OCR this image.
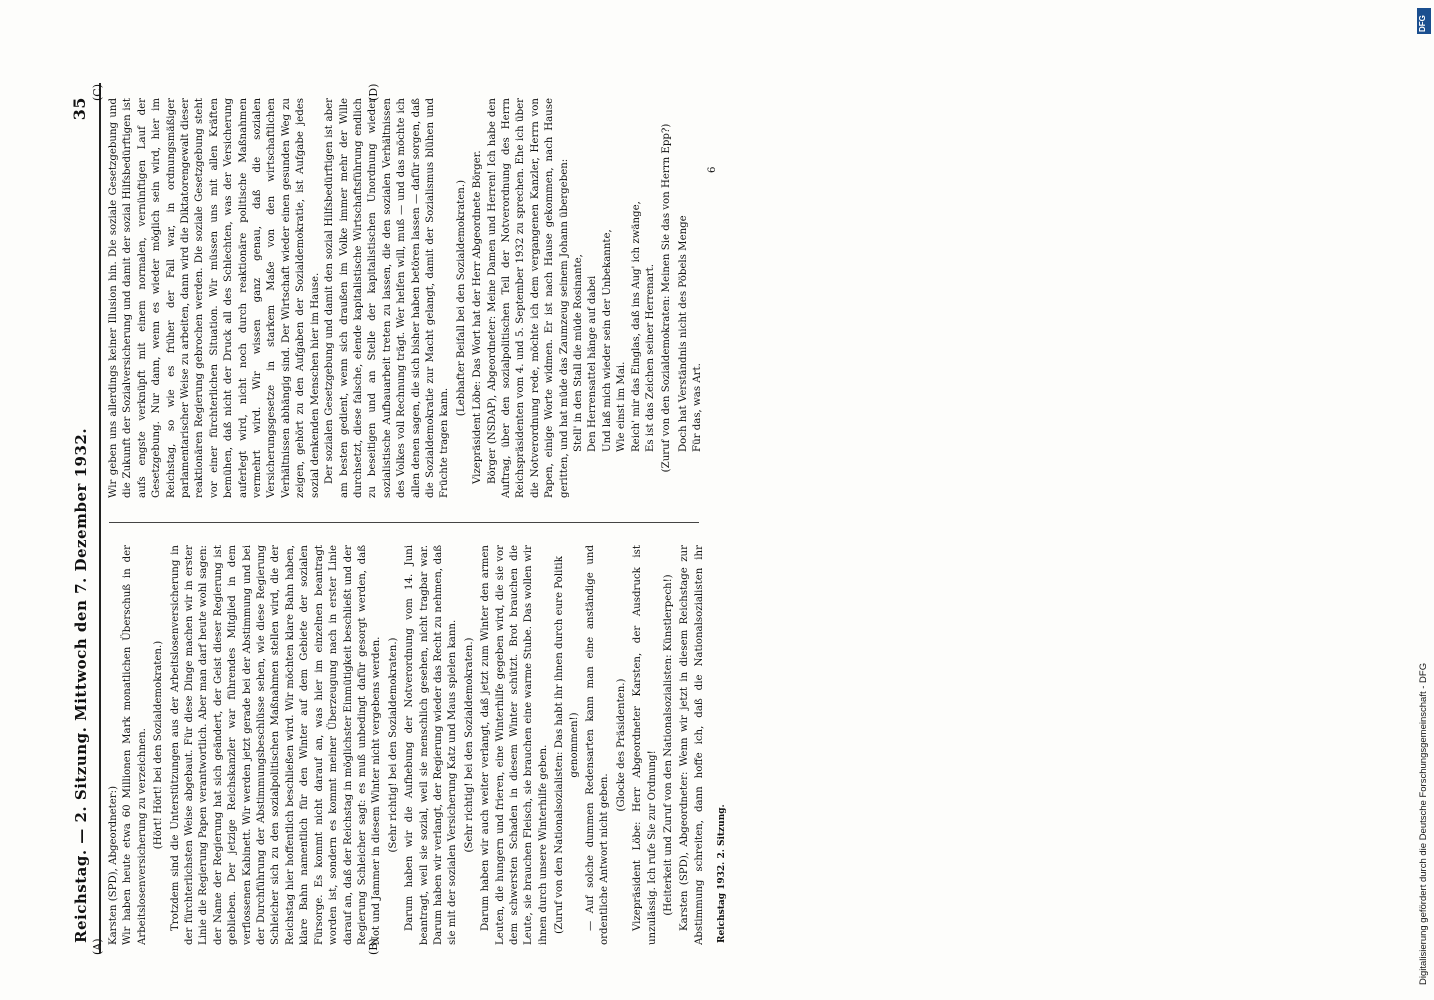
Reichstag. — 2. Sitzung. Mittwoch den 7. Dezember 1932.
35

Karsten (SPD), Abgeordneter:) Wir haben heute etwa 60 Millionen Mark monatlichen Überschuß in der Arbeitslosenversicherung zu verzeichnen. (Hört! Hört! bei den Sozialdemokraten.) Trotzdem sind die Unterstützungen aus der Arbeitslosenversicherung in der fürchterlichsten Weise abgebaut. Für diese Dinge machen wir in erster Linie die Regierung Papen verantwortlich. Aber man darf heute wohl sagen: der Name der Regierung hat sich geändert, der Geist dieser Regierung ist geblieben. Der jetzige Reichskanzler war führendes Mitglied in dem verflossenen Kabinett. Wir werden jetzt gerade bei der Abstimmung und bei der Durchführung der Abstimmungsbeschlüsse sehen, wie diese Regierung Schleicher sich zu den sozialpolitischen Maßnahmen stellen wird, die der Reichstag hier hoffentlich beschließen wird. Wir möchten klare Bahn haben, klare Bahn namentlich für den Winter auf dem Gebiete der sozialen Fürsorge. Es kommt nicht darauf an, was hier im einzelnen beantragt worden ist, sondern es kommt meiner Überzeugung nach in erster Linie darauf an, daß der Reichstag in möglichster Einmütigkeit beschließt und der Regierung Schleicher sagt: es muß unbedingt dafür gesorgt werden, daß Not und Jammer in diesem Winter nicht vergebens werden. (Sehr richtig! bei den Sozialdemokraten.) Darum haben wir die Aufhebung der Notverordnung vom 14. Juni beantragt, weil sie sozial, weil sie menschlich gesehen, nicht tragbar war. Darum haben wir verlangt, der Regierung wieder das Recht zu nehmen, daß sie mit der sozialen Versicherung Katz und Maus spielen kann. (Sehr richtig! bei den Sozialdemokraten.) Darum haben wir auch weiter verlangt, daß jetzt zum Winter den armen Leuten, die hungern und frieren, eine Winterhilfe gegeben wird, die sie vor dem schwersten Schaden in diesem Winter schützt. Brot brauchen die Leute, sie brauchen Fleisch, sie brauchen eine warme Stube. Das wollen wir ihnen durch unsere Winterhilfe geben. (Zuruf von den Nationalsozialisten: Das habt ihr ihnen durch eure Politik genommen!) — Auf solche dummen Redensarten kann man eine anständige und ordentliche Antwort nicht geben.

(Glocke des Präsidenten.) Vizepräsident Löbe: Herr Abgeordneter Karsten, der Ausdruck ist unzulässig. Ich rufe Sie zur Ordnung! (Heiterkeit und Zuruf von den Nationalsozialisten: Künstlerpech!) Karsten (SPD), Abgeordneter: Wenn wir jetzt in diesem Reichstage zur Abstimmung schreiten, dann hoffe ich, daß die Nationalsozialisten ihr

Wir geben uns allerdings keiner Illusion hin. Die soziale Gesetzgebung und die Zukunft der Sozialversicherung und damit der sozial Hilfsbedürftigen ist aufs engste verknüpft mit einem normalen, vernünftigen Lauf der Gesetzgebung. Nur dann, wenn es wieder möglich sein wird, hier im Reichstag, so wie es früher der Fall war, in ordnungsmäßiger parlamentarischer Weise zu arbeiten, dann wird die Diktatorengewalt dieser reaktionären Regierung gebrochen werden. Die soziale Gesetzgebung steht vor einer fürchterlichen Situation. Wir müssen uns mit allen Kräften bemühen, daß nicht der Druck all des Schlechten, was der Versicherung auferlegt wird, nicht noch durch reaktionäre politische Maßnahmen vermehrt wird. Wir wissen ganz genau, daß die sozialen Versicherungsgesetze in starkem Maße von den wirtschaftlichen Verhältnissen abhängig sind. Der Wirtschaft wieder einen gesunden Weg zu zeigen, gehört zu den Aufgaben der Sozialdemokratie, ist Aufgabe jedes sozial denkenden Menschen hier im Hause. Der sozialen Gesetzgebung und damit den sozial Hilfsbedürftigen ist aber am besten gedient, wenn sich draußen im Volke immer mehr der Wille durchsetzt, diese falsche, elende kapitalistische Wirtschaftsführung endlich zu beseitigen und an Stelle der kapitalistischen Unordnung wieder sozialistische Aufbauarbeit treten zu lassen, die den sozialen Verhältnissen des Volkes voll Rechnung trägt. Wer helfen will, muß — und das möchte ich allen denen sagen, die sich bisher haben betören lassen — dafür sorgen, daß die Sozialdemokratie zur Macht gelangt, damit der Sozialismus blühen und Früchte tragen kann.

(Lebhafter Beifall bei den Sozialdemokraten.) Vizepräsident Löbe: Das Wort hat der Herr Abgeordnete Börger. Börger (NSDAP), Abgeordneter: Meine Damen und Herren! Ich habe den Auftrag, über den sozialpolitischen Teil der Notverordnung des Herrn Reichspräsidenten vom 4. und 5. September 1932 zu sprechen. Ehe ich über die Notverordnung rede, möchte ich dem vergangenen Kanzler, Herrn von Papen, einige Worte widmen. Er ist nach Hause gekommen, nach Hause geritten, und hat müde das Zaumzeug seinem Johann übergeben: Stell' in den Stall die müde Rosinante, Den Herrensattel hänge auf dabei Und laß mich wieder sein der Unbekannte, Wie einst im Mai. Reich' mir das Einglas, daß ins Aug' ich zwänge, Es ist das Zeichen seiner Herrenart. (Zuruf von den Sozialdemokraten: Meinen Sie das von Herrn Epp?) Doch hat Verständnis nicht des Pöbels Menge Für das, was Art.

(A)	(B)
(C)	(D)
Reichstag 1932. 2. Sitzung.
6
Digitalisierung gefördert durch die Deutsche Forschungsgemeinschaft - DFG
DFG
